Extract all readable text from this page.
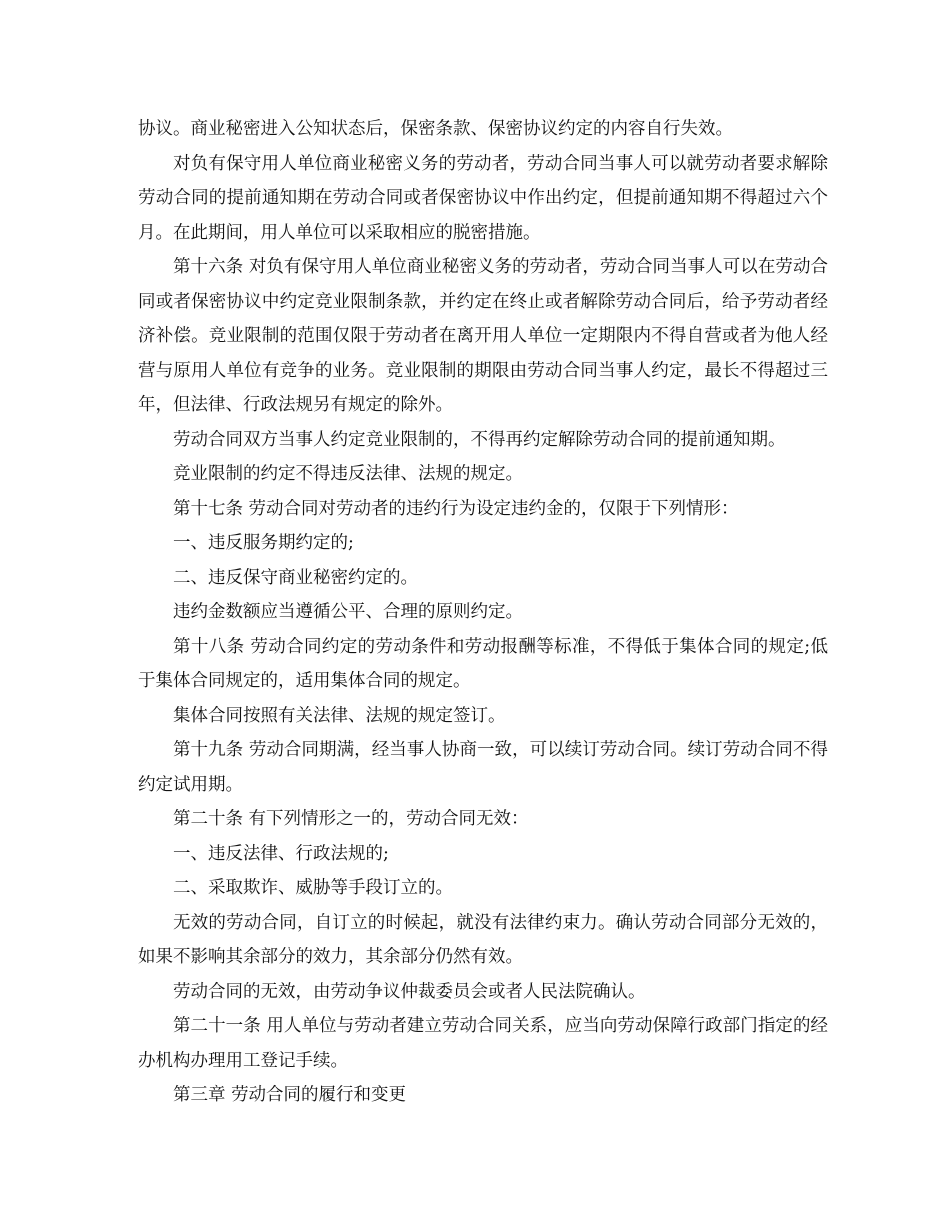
协议。商业秘密进入公知状态后，保密条款、保密协议约定的内容自行失效。

对负有保守用人单位商业秘密义务的劳动者，劳动合同当事人可以就劳动者要求解除劳动合同的提前通知期在劳动合同或者保密协议中作出约定，但提前通知期不得超过六个月。在此期间，用人单位可以采取相应的脱密措施。

第十六条 对负有保守用人单位商业秘密义务的劳动者，劳动合同当事人可以在劳动合同或者保密协议中约定竞业限制条款，并约定在终止或者解除劳动合同后，给予劳动者经济补偿。竞业限制的范围仅限于劳动者在离开用人单位一定期限内不得自营或者为他人经营与原用人单位有竞争的业务。竞业限制的期限由劳动合同当事人约定，最长不得超过三年，但法律、行政法规另有规定的除外。

劳动合同双方当事人约定竞业限制的，不得再约定解除劳动合同的提前通知期。

竞业限制的约定不得违反法律、法规的规定。

第十七条 劳动合同对劳动者的违约行为设定违约金的，仅限于下列情形：

一、违反服务期约定的;

二、违反保守商业秘密约定的。

违约金数额应当遵循公平、合理的原则约定。

第十八条 劳动合同约定的劳动条件和劳动报酬等标准，不得低于集体合同的规定;低于集体合同规定的，适用集体合同的规定。

集体合同按照有关法律、法规的规定签订。

第十九条 劳动合同期满，经当事人协商一致，可以续订劳动合同。续订劳动合同不得约定试用期。

第二十条 有下列情形之一的，劳动合同无效：

一、违反法律、行政法规的;

二、采取欺诈、威胁等手段订立的。

无效的劳动合同，自订立的时候起，就没有法律约束力。确认劳动合同部分无效的，如果不影响其余部分的效力，其余部分仍然有效。

劳动合同的无效，由劳动争议仲裁委员会或者人民法院确认。

第二十一条 用人单位与劳动者建立劳动合同关系，应当向劳动保障行政部门指定的经办机构办理用工登记手续。

第三章 劳动合同的履行和变更
